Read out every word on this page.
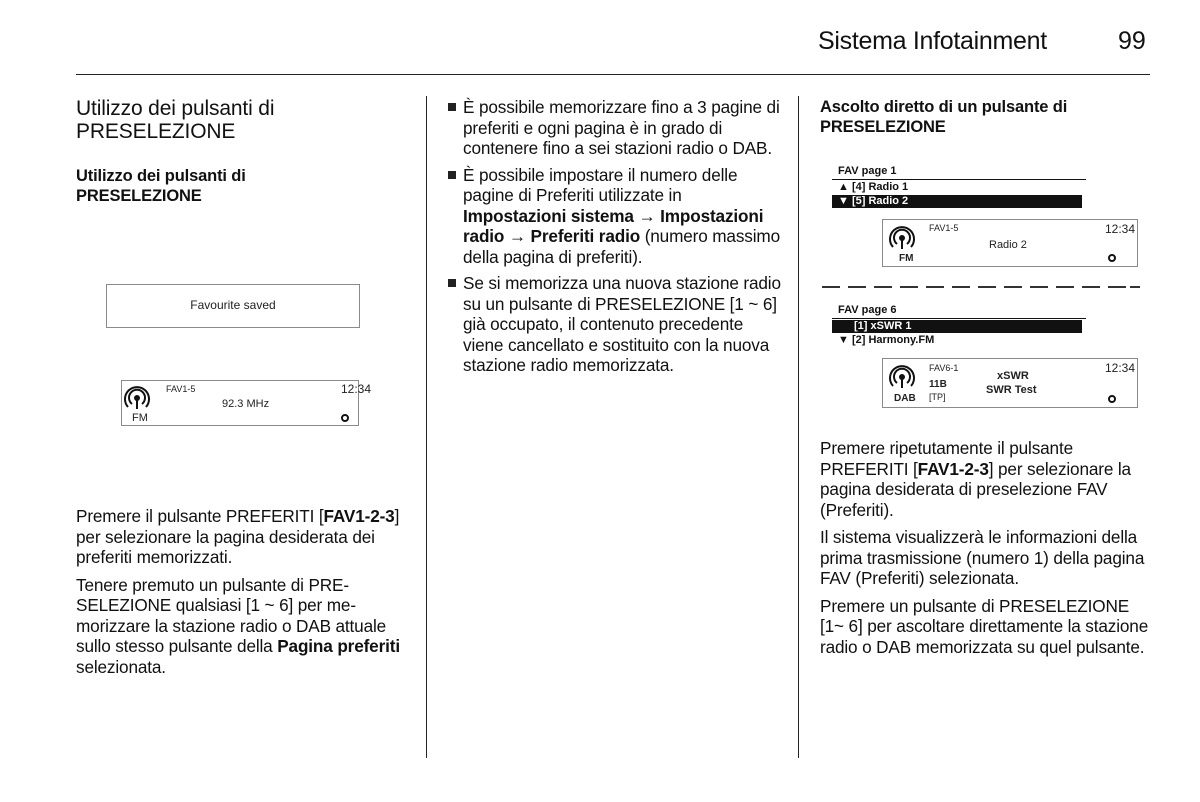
Sistema Infotainment	99
Utilizzo dei pulsanti di PRESELEZIONE
Utilizzo dei pulsanti di PRESELEZIONE
Favourite saved
FAV1-5	12:34
92.3 MHz
FM

Premere il pulsante PREFERITI [FAV1-2-3] per selezionare la pagina desiderata dei preferiti memorizzati.

Tenere premuto un pulsante di PRESELEZIONE qualsiasi [1 ~ 6] per memorizzare la stazione radio o DAB attuale sullo stesso pulsante della Pagina preferiti selezionata.

È possibile memorizzare fino a 3 pagine di preferiti e ogni pagina è in grado di contenere fino a sei stazioni radio o DAB.
È possibile impostare il numero delle pagine di Preferiti utilizzate in Impostazioni sistema → Impostazioni radio → Preferiti radio (numero massimo della pagina di preferiti).
Se si memorizza una nuova stazione radio su un pulsante di PRESELEZIONE [1 ~ 6] già occupato, il contenuto precedente viene cancellato e sostituito con la nuova stazione radio memorizzata.
Ascolto diretto di un pulsante di PRESELEZIONE
FAV page 1
▲ [4] Radio 1
▼ [5] Radio 2
FAV1-5	12:34
Radio 2
FM
FAV page 6
[1] xSWR 1
▼ [2] Harmony.FM
FAV6-1	12:34
xSWR
SWR Test
11B
[TP]
DAB

Premere ripetutamente il pulsante PREFERITI [FAV1-2-3] per selezionare la pagina desiderata di preselezione FAV (Preferiti).

Il sistema visualizzerà le informazioni della prima trasmissione (numero 1) della pagina FAV (Preferiti) selezionata.

Premere un pulsante di PRESELEZIONE [1~ 6] per ascoltare direttamente la stazione radio o DAB memorizzata su quel pulsante.
